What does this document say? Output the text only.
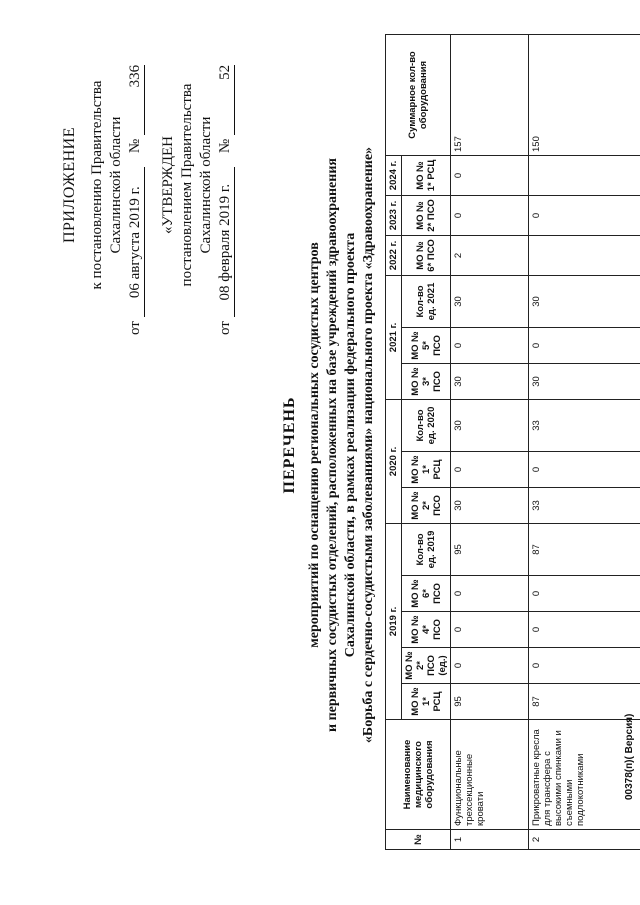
ПРИЛОЖЕНИЕ к постановлению Правительства Сахалинской области
от
06 августа 2019 г.
№
336
«УТВЕРЖДЕН постановлением Правительства Сахалинской области
от
08 февраля 2019 г.
№
52
ПЕРЕЧЕНЬ мероприятий по оснащению региональных сосудистых центров и первичных сосудистых отделений, расположенных на базе учреждений здравоохранения Сахалинской области, в рамках реализации федерального проекта «Борьба с сердечно-сосудистыми заболеваниями» национального проекта «Здравоохранение»
№	Наименование медицинского оборудования	2019 г.					2020 г.			2021 г.			2022 г.	2023 г.	2024 г.	Суммарное кол-во оборудования
		МО № 1* РСЦ	МО № 2* ПСО (ед.)	МО № 4* ПСО	МО № 6* ПСО	Кол-во ед. 2019	МО № 2* ПСО	МО № 1* РСЦ	Кол-во ед. 2020	МО № 3* ПСО	МО № 5* ПСО	Кол-во ед. 2021	МО № 6* ПСО	МО № 2* ПСО	МО № 1* РСЦ	
1	Функциональные трехсекционные кровати	95	0	0	0	95	30	0	30	30	0	30	2	0	0	157
2	Прикроватные кресла для трансфера с высокими спинками и съемными подлокотниками	87	0	0	0	87	33	0	33	30	0	30		0		150
00378(п)( Версия)
